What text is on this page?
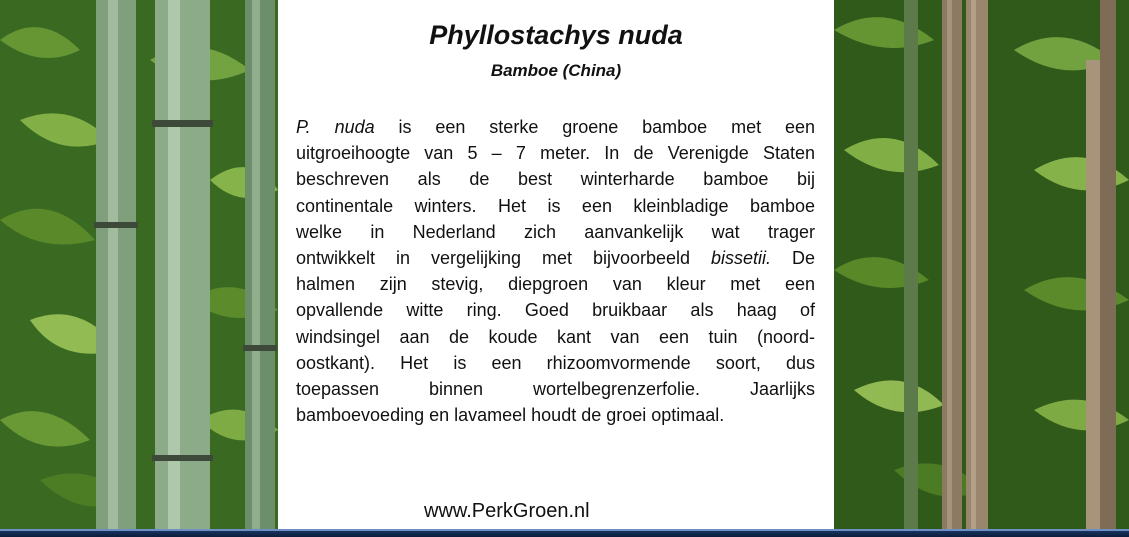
Phyllostachys nuda
Bamboe (China)
P. nuda is een sterke groene bamboe met een
uitgroeihoogte van 5 – 7 meter. In de Verenigde Staten
beschreven als de best winterharde bamboe bij
continentale winters. Het is een kleinbladige bamboe
welke in Nederland zich aanvankelijk wat trager
ontwikkelt in vergelijking met bijvoorbeeld bissetii. De
halmen zijn stevig, diepgroen van kleur met een
opvallende witte ring. Goed bruikbaar als haag of
windsingel aan de koude kant van een tuin (noord-
oostkant). Het is een rhizoomvormende soort, dus
toepassen binnen wortelbegrenzerfolie. Jaarlijks
bamboevoeding en lavameel houdt de groei optimaal.

www.PerkGroen.nl
